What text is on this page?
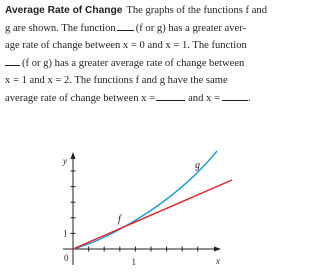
Average Rate of Change The graphs of the functions f and
g are shown. The function (f or g) has a greater aver-
age rate of change between x = 0 and x = 1. The function
(f or g) has a greater average rate of change between
x = 1 and x = 2. The functions f and g have the same
average rate of change between x =	and x =	.
y
x
0	1
1
f
g
